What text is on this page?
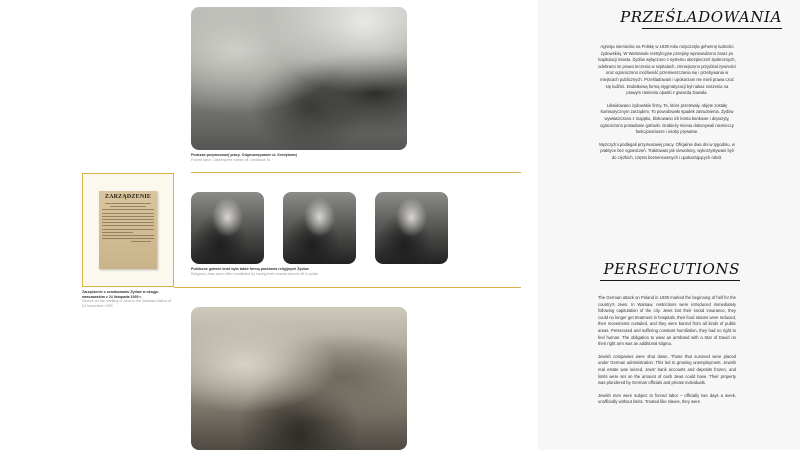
Podczas przymusowej pracy. Odgruzowywanie ul. Kredytowej
Forced labor. Clearing the rubble off Creditowa St.
ZARZĄDZENIE
Zarządzenie o oznakowaniu Żydów w okręgu warszawskim z 24 listopada 1939 r.
Decree on the marking of Jews in the Warsaw District of 24 November 1939
Publiczne golenie bród było także formą poniżania religijnych Żydów
Religious Jews were often humiliated by having their beards shaved off in public
PRZEŚLADOWANIA

Agresja niemiecka na Polskę w 1939 roku rozpoczęła gehennę ludności żydowskiej. W Warszawie restrykcyjne przepisy wprowadzono zaraz po kapitulacji miasta. Żydów wyłączono z systemu ubezpieczeń społecznych, odebrano im prawo leczenia w szpitalach, zmniejszono przydział żywności oraz ograniczono możliwość przemieszczania się i przebywania w miejscach publicznych. Prześladowani i upokarzani nie mieli prawa czuć się ludźmi. Dodatkową formą stygmatyzacji był nakaz noszenia na prawym ramieniu opaski z gwiazdą Dawida.

Likwidowano żydowskie firmy. Te, które przetrwały, objęte zostały komisarycznym zarządem. To powodowało spadek zatrudnienia. Żydów wywłaszczano z majątku, blokowano ich konta bankowe i depozyty, ograniczono posiadanie gotówki. Grabieży mienia dokonywali niemieccy funkcjonariusze i osoby prywatne.

Mężczyźni podlegali przymusowej pracy. Oficjalnie dwa dni w tygodniu, w praktyce bez ograniczeń. Traktowani jak niewolnicy, wykorzystywani byli do ciężkich, często bezsensownych i upokarzających robót.

PERSECUTIONS

The German attack on Poland in 1939 marked the beginning of hell for the country's Jews. In Warsaw, restrictions were introduced immediately following capitulation of the city. Jews lost their social insurance, they could no longer get treatment in hospitals, their food rations were reduced, their movements curtailed, and they were barred from all kinds of public areas. Persecuted and suffering constant humiliation, they had no right to feel human. The obligation to wear an armband with a Star of David on their right arm was an additional stigma.

Jewish companies were shut down. Those that survived were placed under German administration. This led to growing unemployment. Jewish real estate was seized, Jews' bank accounts and deposits frozen, and limits were set on the amount of cash Jews could have. Their property was plundered by German officials and private individuals.

Jewish men were subject to forced labor – officially two days a week, unofficially without limits. Treated like slaves, they were
